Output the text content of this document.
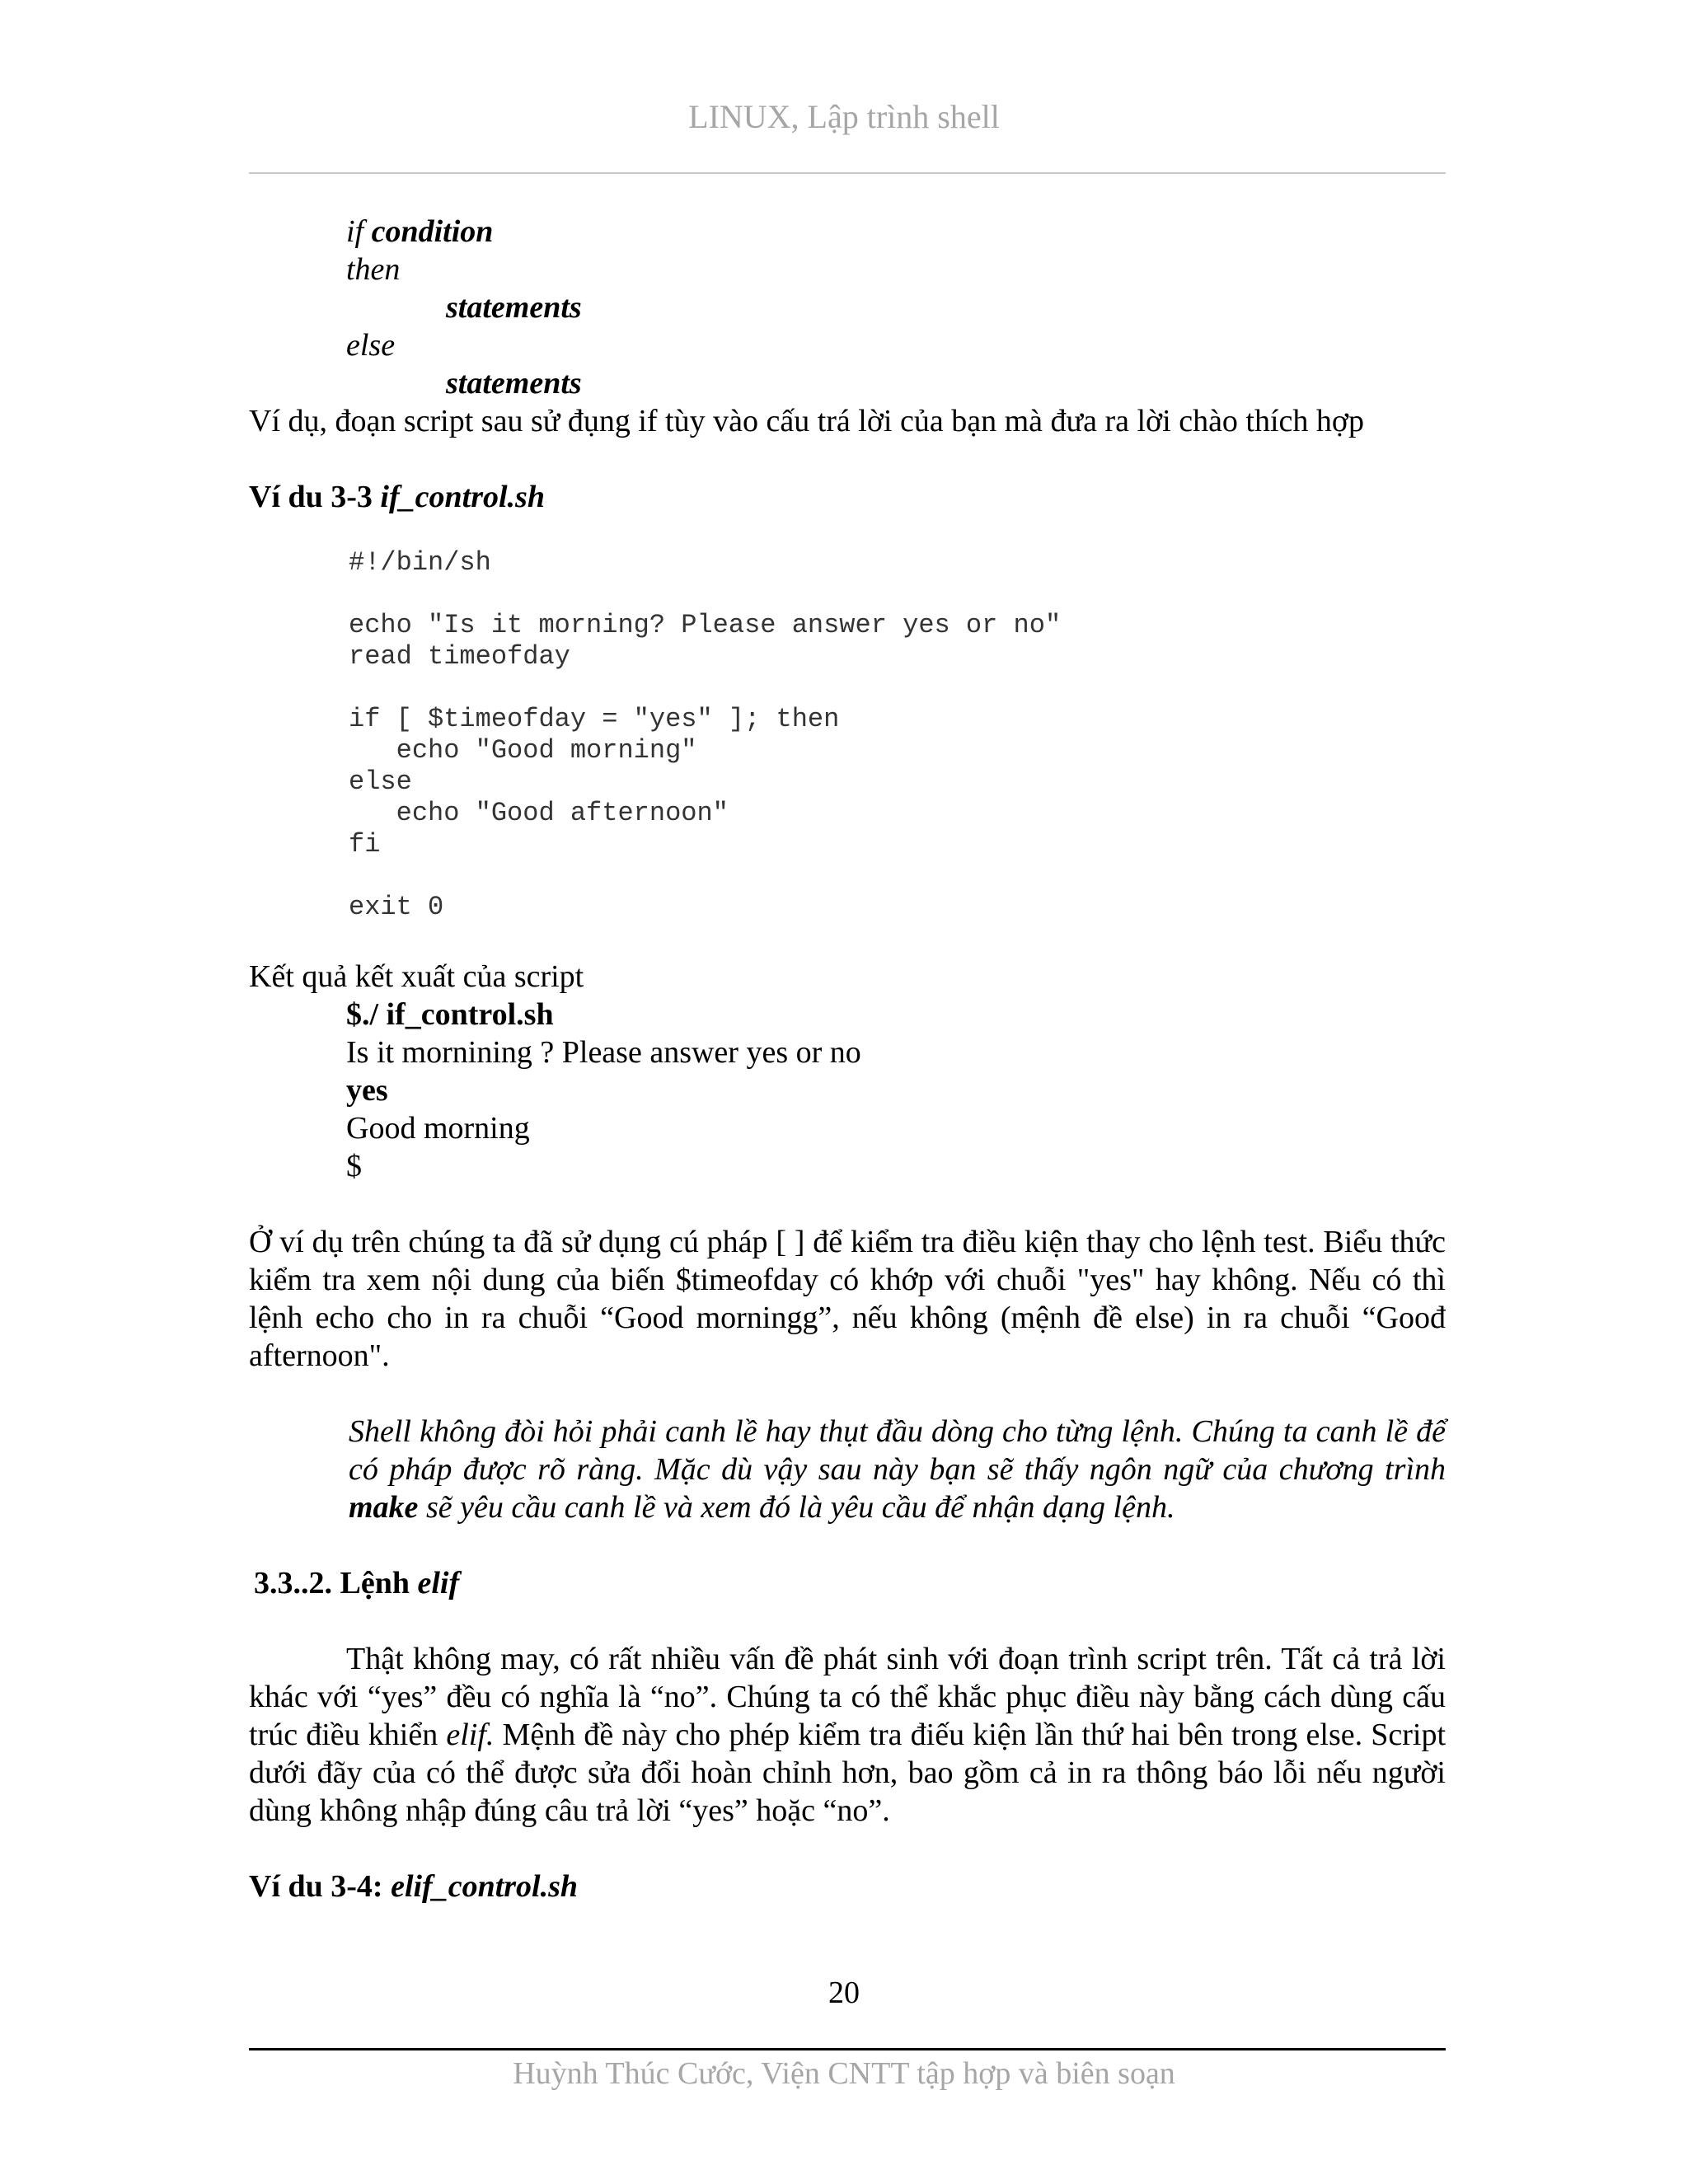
LINUX, Lập trình shell
if condition
then
statements
else
statements
Ví dụ, đoạn script sau sử đụng if tùy vào cấu trá lời của bạn mà đưa ra lời chào thích hợp
Ví du 3-3 if_control.sh
#!/bin/sh

echo "Is it morning? Please answer yes or no"
read timeofday

if [ $timeofday = "yes" ]; then
echo "Good morning"
else
echo "Good afternoon"
fi

exit 0
Kết quả kết xuất của script
$./ if_control.sh
Is it mornining ? Please answer yes or no
yes
Good morning
$
Ở ví dụ trên chúng ta đã sử dụng cú pháp [ ] để kiểm tra điều kiện thay cho lệnh test. Biểu thức kiểm tra xem nội dung của biến $timeofday có khớp với chuỗi "yes" hay không. Nếu có thì lệnh echo cho in ra chuỗi “Good morningg”, nếu không (mệnh đề else) in ra chuỗi “Goođ afternoon".
Shell không đòi hỏi phải canh lề hay thụt đầu dòng cho từng lệnh. Chúng ta canh lề để có pháp được rõ ràng. Mặc dù vậy sau này bạn sẽ thấy ngôn ngữ của chương trình make sẽ yêu cầu canh lề và xem đó là yêu cầu để nhận dạng lệnh.
3.3..2. Lệnh elif
Thật không may, có rất nhiều vấn đề phát sinh với đoạn trình script trên. Tất cả trả lời khác với “yes” đều có nghĩa là “no”. Chúng ta có thể khắc phục điều này bằng cách dùng cấu trúc điều khiển elif. Mệnh đề này cho phép kiểm tra điếu kiện lần thứ hai bên trong else. Script dưới đãy của có thể được sửa đổi hoàn chỉnh hơn, bao gồm cả in ra thông báo lỗi nếu người dùng không nhập đúng câu trả lời “yes” hoặc “no”.
Ví du 3-4: elif_control.sh
20
Huỳnh Thúc Cước, Viện CNTT tập hợp và biên soạn
